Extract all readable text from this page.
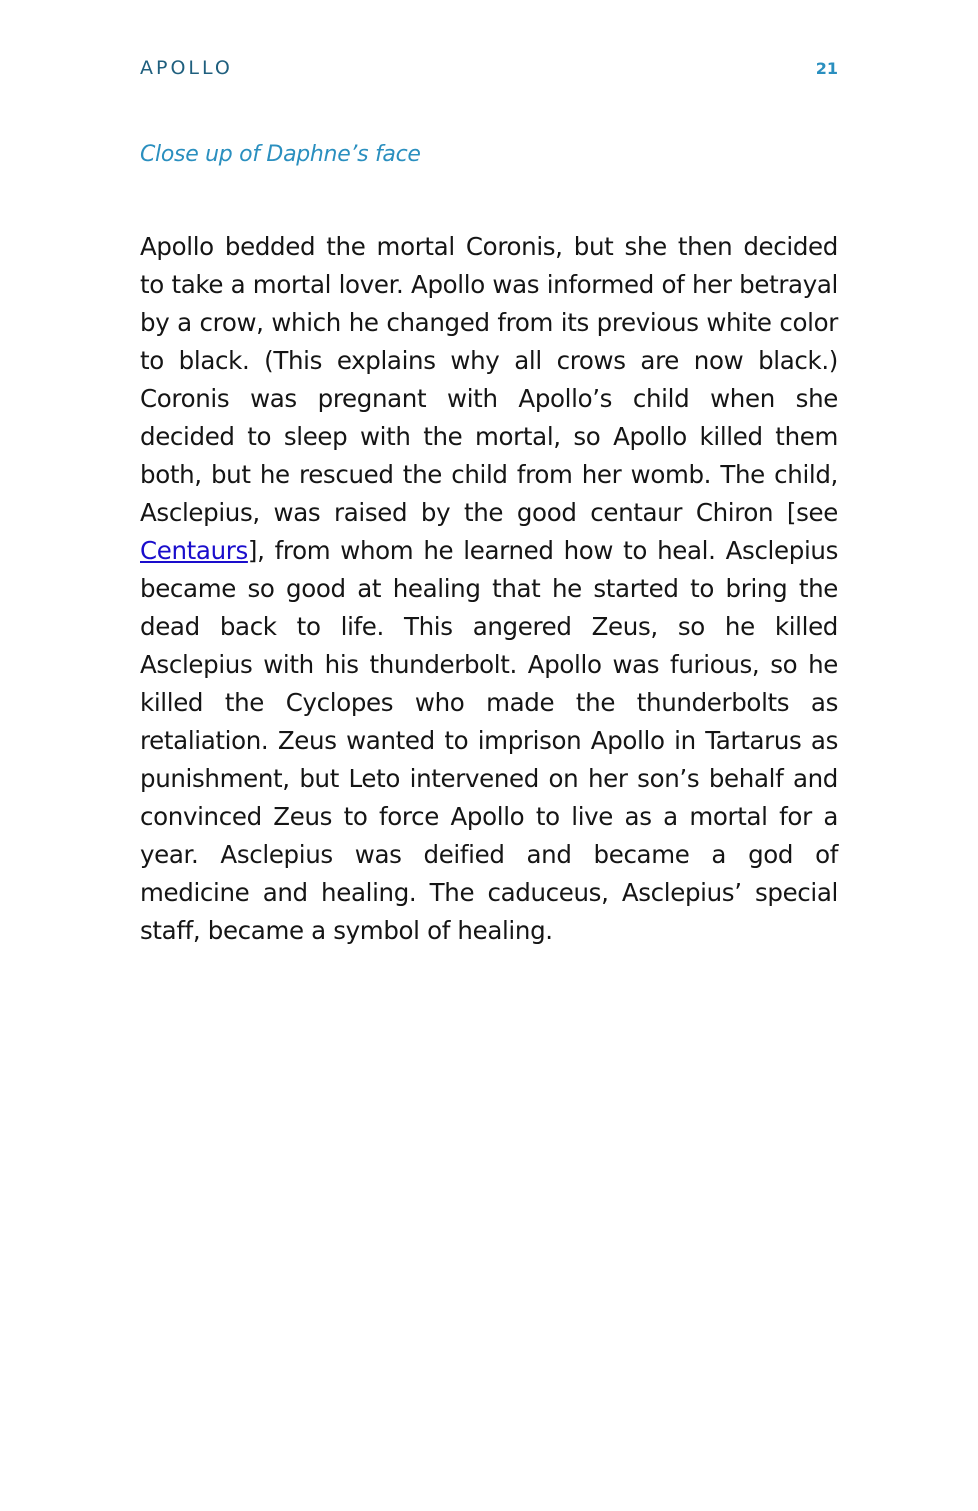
APOLLO	21
Close up of Daphne’s face

Apollo bedded the mortal Coronis, but she then decided to take a mortal lover. Apollo was informed of her betrayal by a crow, which he changed from its previous white color to black. (This explains why all crows are now black.) Coronis was pregnant with Apollo’s child when she decided to sleep with the mortal, so Apollo killed them both, but he rescued the child from her womb. The child, Asclepius, was raised by the good centaur Chiron [see Centaurs], from whom he learned how to heal. Asclepius became so good at healing that he started to bring the dead back to life. This angered Zeus, so he killed Asclepius with his thunderbolt. Apollo was furious, so he killed the Cyclopes who made the thunderbolts as retaliation. Zeus wanted to imprison Apollo in Tartarus as punishment, but Leto intervened on her son’s behalf and convinced Zeus to force Apollo to live as a mortal for a year. Asclepius was deified and became a god of medicine and healing. The caduceus, Asclepius’ special staff, became a symbol of healing.
